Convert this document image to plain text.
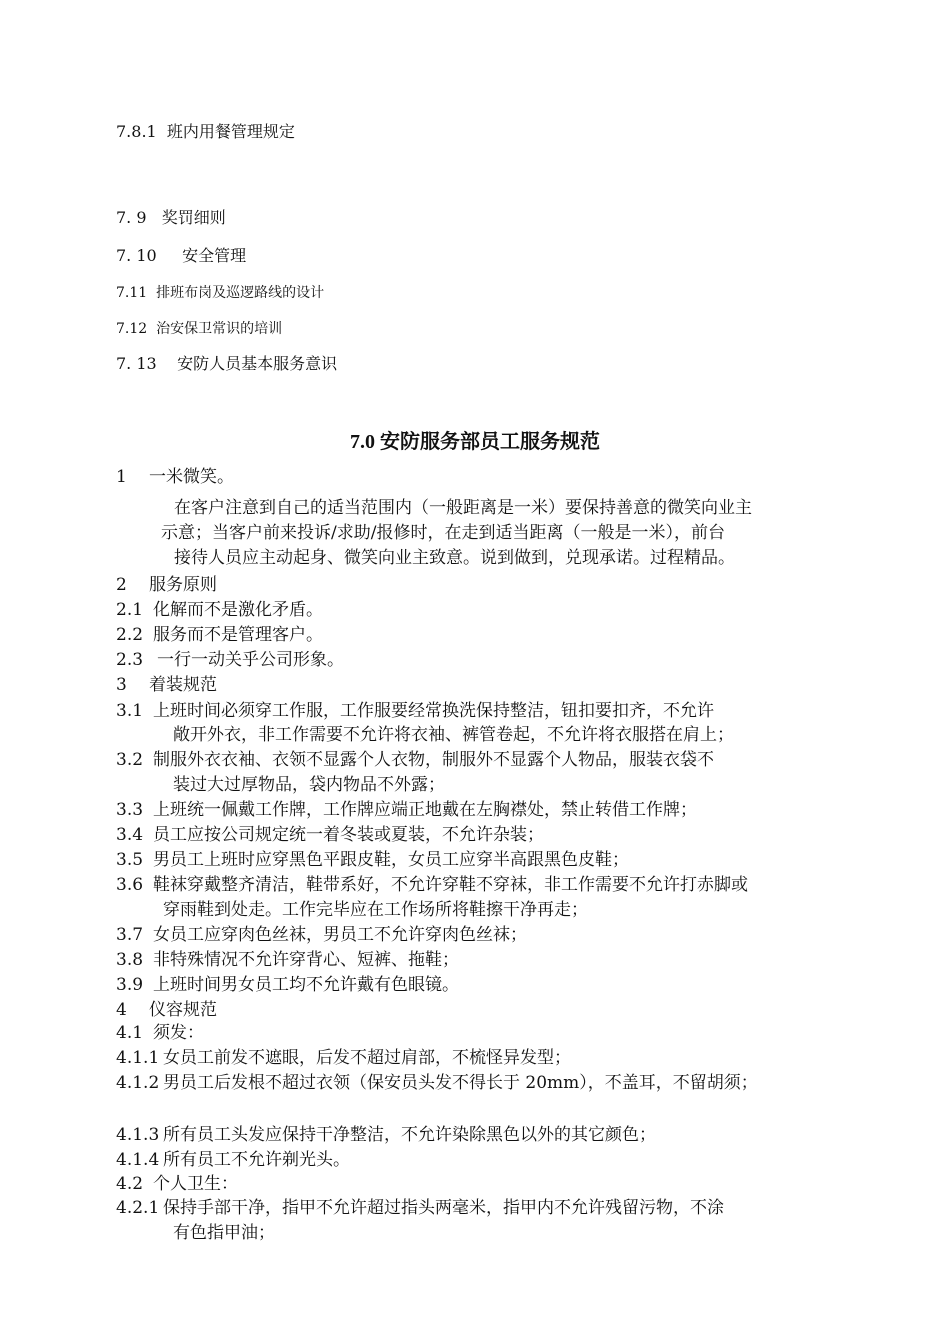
7.8.1 班内用餐管理规定
7. 9 奖罚细则
7. 10 安全管理
7.11 排班布岗及巡逻路线的设计
7.12 治安保卫常识的培训
7. 13 安防人员基本服务意识
7.0 安防服务部员工服务规范
1 一米微笑。
在客户注意到自己的适当范围内（一般距离是一米）要保持善意的微笑向业主
示意；当客户前来投诉/求助/报修时，在走到适当距离（一般是一米），前台
接待人员应主动起身、微笑向业主致意。说到做到，兑现承诺。过程精品。
2 服务原则
2.1 化解而不是激化矛盾。
2.2 服务而不是管理客户。
2.3 一行一动关乎公司形象。
3 着装规范
3.1 上班时间必须穿工作服，工作服要经常换洗保持整洁，钮扣要扣齐，不允许
敞开外衣，非工作需要不允许将衣袖、裤管卷起，不允许将衣服搭在肩上；
3.2 制服外衣衣袖、衣领不显露个人衣物，制服外不显露个人物品，服装衣袋不
装过大过厚物品，袋内物品不外露；
3.3 上班统一佩戴工作牌，工作牌应端正地戴在左胸襟处，禁止转借工作牌；
3.4 员工应按公司规定统一着冬装或夏装，不允许杂装；
3.5 男员工上班时应穿黑色平跟皮鞋，女员工应穿半高跟黑色皮鞋；
3.6 鞋袜穿戴整齐清洁，鞋带系好，不允许穿鞋不穿袜，非工作需要不允许打赤脚或
穿雨鞋到处走。工作完毕应在工作场所将鞋擦干净再走；
3.7 女员工应穿肉色丝袜，男员工不允许穿肉色丝袜；
3.8 非特殊情况不允许穿背心、短裤、拖鞋；
3.9 上班时间男女员工均不允许戴有色眼镜。
4 仪容规范
4.1 须发：
4.1.1 女员工前发不遮眼，后发不超过肩部，不梳怪异发型；
4.1.2 男员工后发根不超过衣领（保安员头发不得长于 20mm），不盖耳，不留胡须；
4.1.3 所有员工头发应保持干净整洁，不允许染除黑色以外的其它颜色；
4.1.4 所有员工不允许剃光头。
4.2 个人卫生：
4.2.1 保持手部干净，指甲不允许超过指头两毫米，指甲内不允许残留污物，不涂
有色指甲油；
